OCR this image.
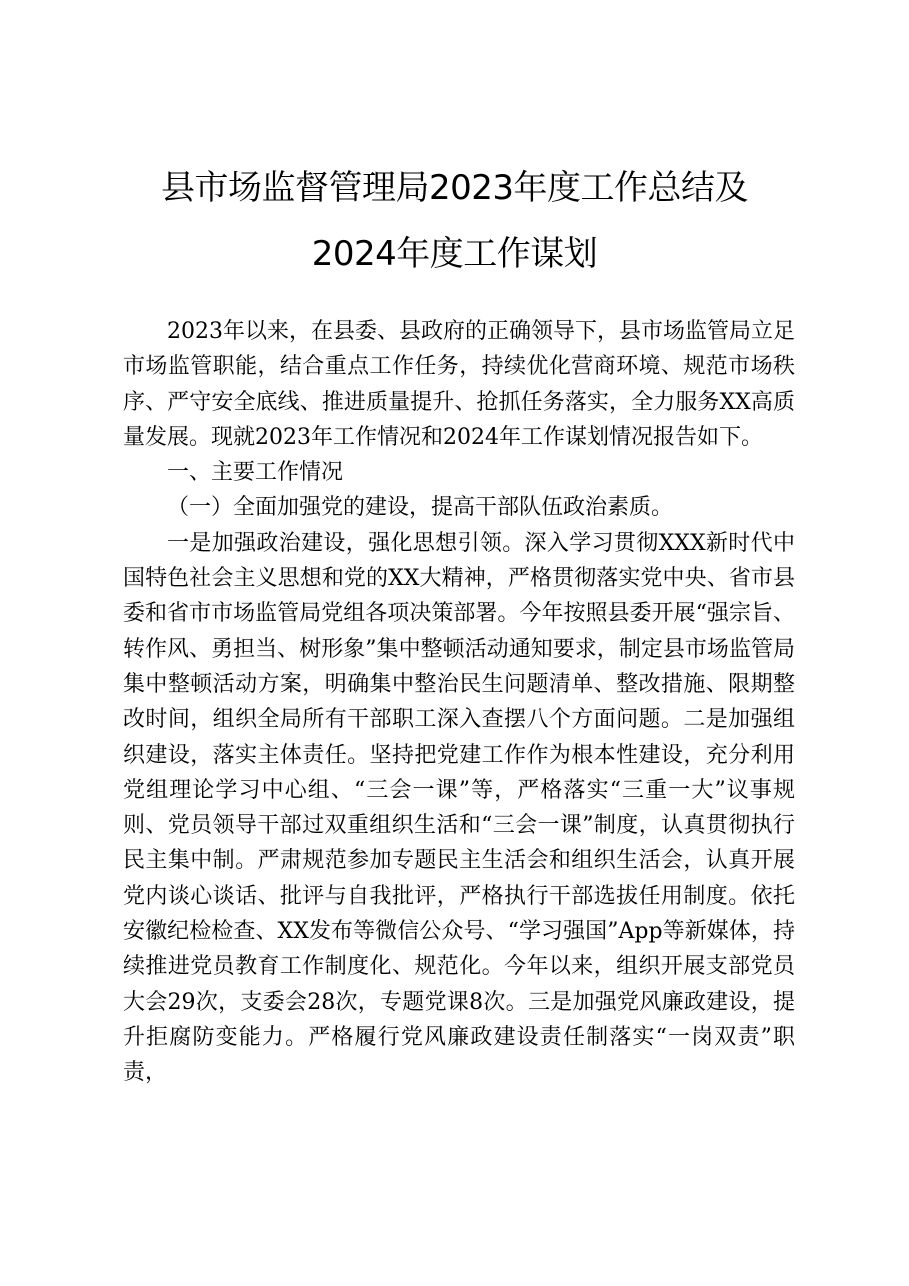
县市场监督管理局2023年度工作总结及
2024年度工作谋划

2023年以来，在县委、县政府的正确领导下，县市场监管局立足市场监管职能，结合重点工作任务，持续优化营商环境、规范市场秩序、严守安全底线、推进质量提升、抢抓任务落实，全力服务XX高质量发展。现就2023年工作情况和2024年工作谋划情况报告如下。

一、主要工作情况

（一）全面加强党的建设，提高干部队伍政治素质。

一是加强政治建设，强化思想引领。深入学习贯彻XXX新时代中国特色社会主义思想和党的XX大精神，严格贯彻落实党中央、省市县委和省市市场监管局党组各项决策部署。今年按照县委开展“强宗旨、转作风、勇担当、树形象”集中整顿活动通知要求，制定县市场监管局集中整顿活动方案，明确集中整治民生问题清单、整改措施、限期整改时间，组织全局所有干部职工深入查摆八个方面问题。二是加强组织建设，落实主体责任。坚持把党建工作作为根本性建设，充分利用党组理论学习中心组、“三会一课”等，严格落实“三重一大”议事规则、党员领导干部过双重组织生活和“三会一课”制度，认真贯彻执行民主集中制。严肃规范参加专题民主生活会和组织生活会，认真开展党内谈心谈话、批评与自我批评，严格执行干部选拔任用制度。依托安徽纪检检查、XX发布等微信公众号、“学习强国”App等新媒体，持续推进党员教育工作制度化、规范化。今年以来，组织开展支部党员大会29次，支委会28次，专题党课8次。三是加强党风廉政建设，提升拒腐防变能力。严格履行党风廉政建设责任制落实“一岗双责”职责，
